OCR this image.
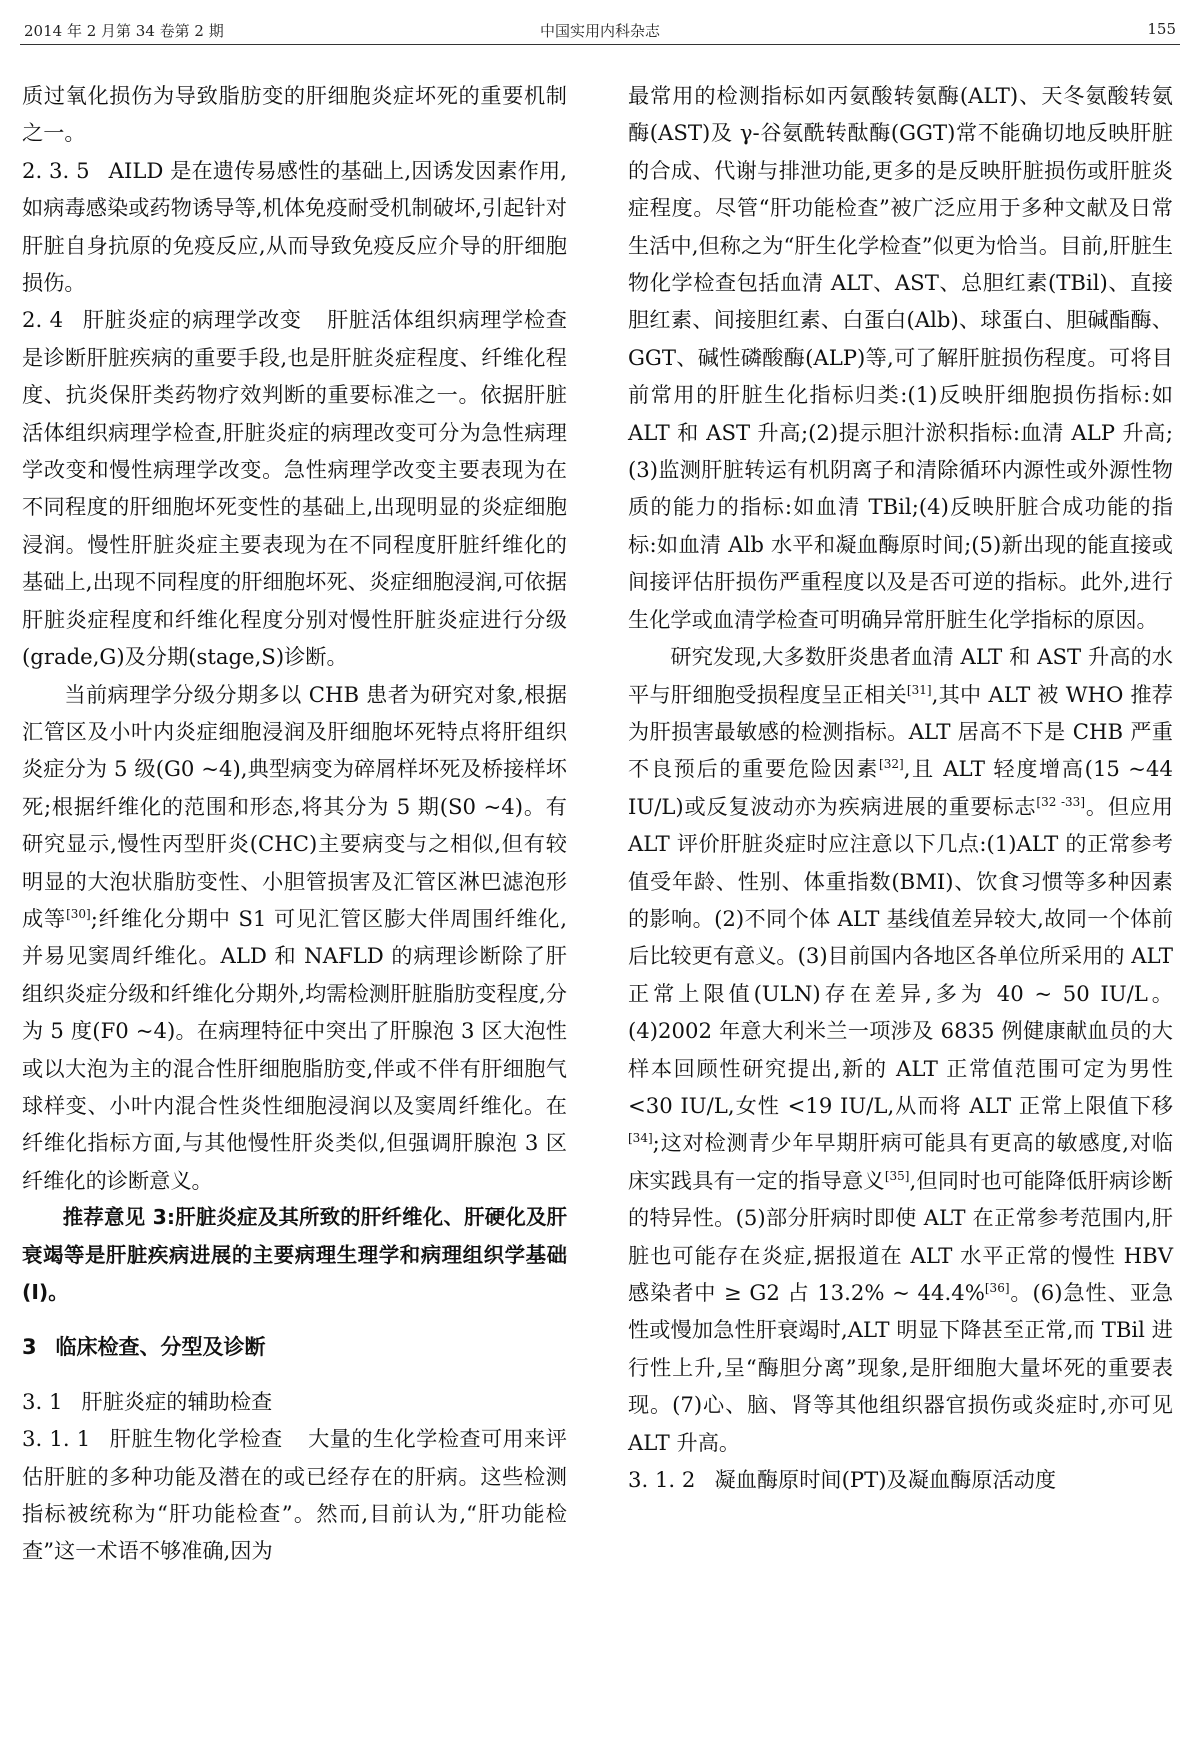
2014 年 2 月第 34 卷第 2 期	中国实用内科杂志	155

质过氧化损伤为导致脂肪变的肝细胞炎症坏死的重要机制之一。

2. 3. 5 AILD 是在遗传易感性的基础上,因诱发因素作用,如病毒感染或药物诱导等,机体免疫耐受机制破坏,引起针对肝脏自身抗原的免疫反应,从而导致免疫反应介导的肝细胞损伤。

2. 4 肝脏炎症的病理学改变 肝脏活体组织病理学检查是诊断肝脏疾病的重要手段,也是肝脏炎症程度、纤维化程度、抗炎保肝类药物疗效判断的重要标准之一。依据肝脏活体组织病理学检查,肝脏炎症的病理改变可分为急性病理学改变和慢性病理学改变。急性病理学改变主要表现为在不同程度的肝细胞坏死变性的基础上,出现明显的炎症细胞浸润。慢性肝脏炎症主要表现为在不同程度肝脏纤维化的基础上,出现不同程度的肝细胞坏死、炎症细胞浸润,可依据肝脏炎症程度和纤维化程度分别对慢性肝脏炎症进行分级(grade,G)及分期(stage,S)诊断。

当前病理学分级分期多以 CHB 患者为研究对象,根据汇管区及小叶内炎症细胞浸润及肝细胞坏死特点将肝组织炎症分为 5 级(G0 ~4),典型病变为碎屑样坏死及桥接样坏死;根据纤维化的范围和形态,将其分为 5 期(S0 ~4)。有研究显示,慢性丙型肝炎(CHC)主要病变与之相似,但有较明显的大泡状脂肪变性、小胆管损害及汇管区淋巴滤泡形成等[30];纤维化分期中 S1 可见汇管区膨大伴周围纤维化,并易见窦周纤维化。ALD 和 NAFLD 的病理诊断除了肝组织炎症分级和纤维化分期外,均需检测肝脏脂肪变程度,分为 5 度(F0 ~4)。在病理特征中突出了肝腺泡 3 区大泡性或以大泡为主的混合性肝细胞脂肪变,伴或不伴有肝细胞气球样变、小叶内混合性炎性细胞浸润以及窦周纤维化。在纤维化指标方面,与其他慢性肝炎类似,但强调肝腺泡 3 区纤维化的诊断意义。

推荐意见 3:肝脏炎症及其所致的肝纤维化、肝硬化及肝衰竭等是肝脏疾病进展的主要病理生理学和病理组织学基础(Ⅰ)。

3 临床检查、分型及诊断

3. 1 肝脏炎症的辅助检查

3. 1. 1 肝脏生物化学检查 大量的生化学检查可用来评估肝脏的多种功能及潜在的或已经存在的肝病。这些检测指标被统称为“肝功能检查”。然而,目前认为,“肝功能检查”这一术语不够准确,因为

最常用的检测指标如丙氨酸转氨酶(ALT)、天冬氨酸转氨酶(AST)及 γ-谷氨酰转酞酶(GGT)常不能确切地反映肝脏的合成、代谢与排泄功能,更多的是反映肝脏损伤或肝脏炎症程度。尽管“肝功能检查”被广泛应用于多种文献及日常生活中,但称之为“肝生化学检查”似更为恰当。目前,肝脏生物化学检查包括血清 ALT、AST、总胆红素(TBil)、直接胆红素、间接胆红素、白蛋白(Alb)、球蛋白、胆碱酯酶、GGT、碱性磷酸酶(ALP)等,可了解肝脏损伤程度。可将目前常用的肝脏生化指标归类:(1)反映肝细胞损伤指标:如 ALT 和 AST 升高;(2)提示胆汁淤积指标:血清 ALP 升高;(3)监测肝脏转运有机阴离子和清除循环内源性或外源性物质的能力的指标:如血清 TBil;(4)反映肝脏合成功能的指标:如血清 Alb 水平和凝血酶原时间;(5)新出现的能直接或间接评估肝损伤严重程度以及是否可逆的指标。此外,进行生化学或血清学检查可明确异常肝脏生化学指标的原因。

研究发现,大多数肝炎患者血清 ALT 和 AST 升高的水平与肝细胞受损程度呈正相关[31],其中 ALT 被 WHO 推荐为肝损害最敏感的检测指标。ALT 居高不下是 CHB 严重不良预后的重要危险因素[32],且 ALT 轻度增高(15 ~44 IU/L)或反复波动亦为疾病进展的重要标志[32 -33]。但应用 ALT 评价肝脏炎症时应注意以下几点:(1)ALT 的正常参考值受年龄、性别、体重指数(BMI)、饮食习惯等多种因素的影响。(2)不同个体 ALT 基线值差异较大,故同一个体前后比较更有意义。(3)目前国内各地区各单位所采用的 ALT 正常上限值(ULN)存在差异,多为 40 ~ 50 IU/L。(4)2002 年意大利米兰一项涉及 6835 例健康献血员的大样本回顾性研究提出,新的 ALT 正常值范围可定为男性 <30 IU/L,女性 <19 IU/L,从而将 ALT 正常上限值下移[34];这对检测青少年早期肝病可能具有更高的敏感度,对临床实践具有一定的指导意义[35],但同时也可能降低肝病诊断的特异性。(5)部分肝病时即使 ALT 在正常参考范围内,肝脏也可能存在炎症,据报道在 ALT 水平正常的慢性 HBV 感染者中 ≥ G2 占 13.2% ~ 44.4%[36]。(6)急性、亚急性或慢加急性肝衰竭时,ALT 明显下降甚至正常,而 TBil 进行性上升,呈“酶胆分离”现象,是肝细胞大量坏死的重要表现。(7)心、脑、肾等其他组织器官损伤或炎症时,亦可见 ALT 升高。

3. 1. 2 凝血酶原时间(PT)及凝血酶原活动度
